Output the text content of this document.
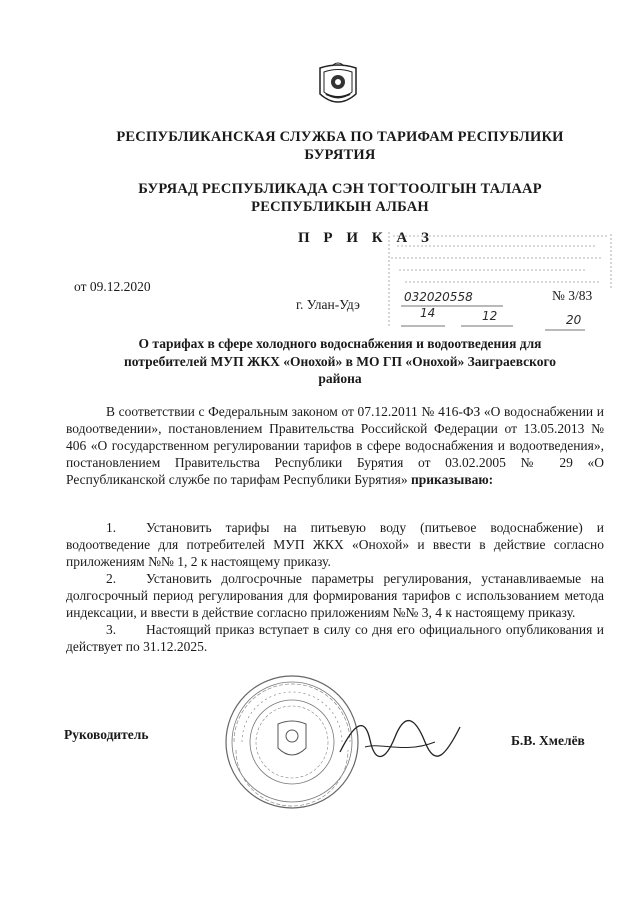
РЕСПУБЛИКАНСКАЯ СЛУЖБА ПО ТАРИФАМ РЕСПУБЛИКИ
БУРЯТИЯ
БУРЯАД РЕСПУБЛИКАДА СЭН ТОГТООЛГЫН ТАЛААР
РЕСПУБЛИКЫН АЛБАН
П Р И К А З
от 09.12.2020
г. Улан-Удэ
№ 3/83
032020558
14	12	20
О тарифах в сфере холодного водоснабжения и водоотведения для
потребителей МУП ЖКХ «Онохой» в МО ГП «Онохой» Заиграевского
района
В соответствии с Федеральным законом от 07.12.2011 № 416-ФЗ «О водоснабжении и водоотведении», постановлением Правительства Российской Федерации от 13.05.2013 № 406 «О государственном регулировании тарифов в сфере водоснабжения и водоотведения», постановлением Правительства Республики Бурятия от 03.02.2005 № 29 «О Республиканской службе по тарифам Республики Бурятия» приказываю:
1. Установить тарифы на питьевую воду (питьевое водоснабжение) и водоотведение для потребителей МУП ЖКХ «Онохой» и ввести в действие согласно приложениям №№ 1, 2 к настоящему приказу.
2. Установить долгосрочные параметры регулирования, устанавливаемые на долгосрочный период регулирования для формирования тарифов с использованием метода индексации, и ввести в действие согласно приложениям №№ 3, 4 к настоящему приказу.
3. Настоящий приказ вступает в силу со дня его официального опубликования и действует по 31.12.2025.
Руководитель	Б.В. Хмелёв
